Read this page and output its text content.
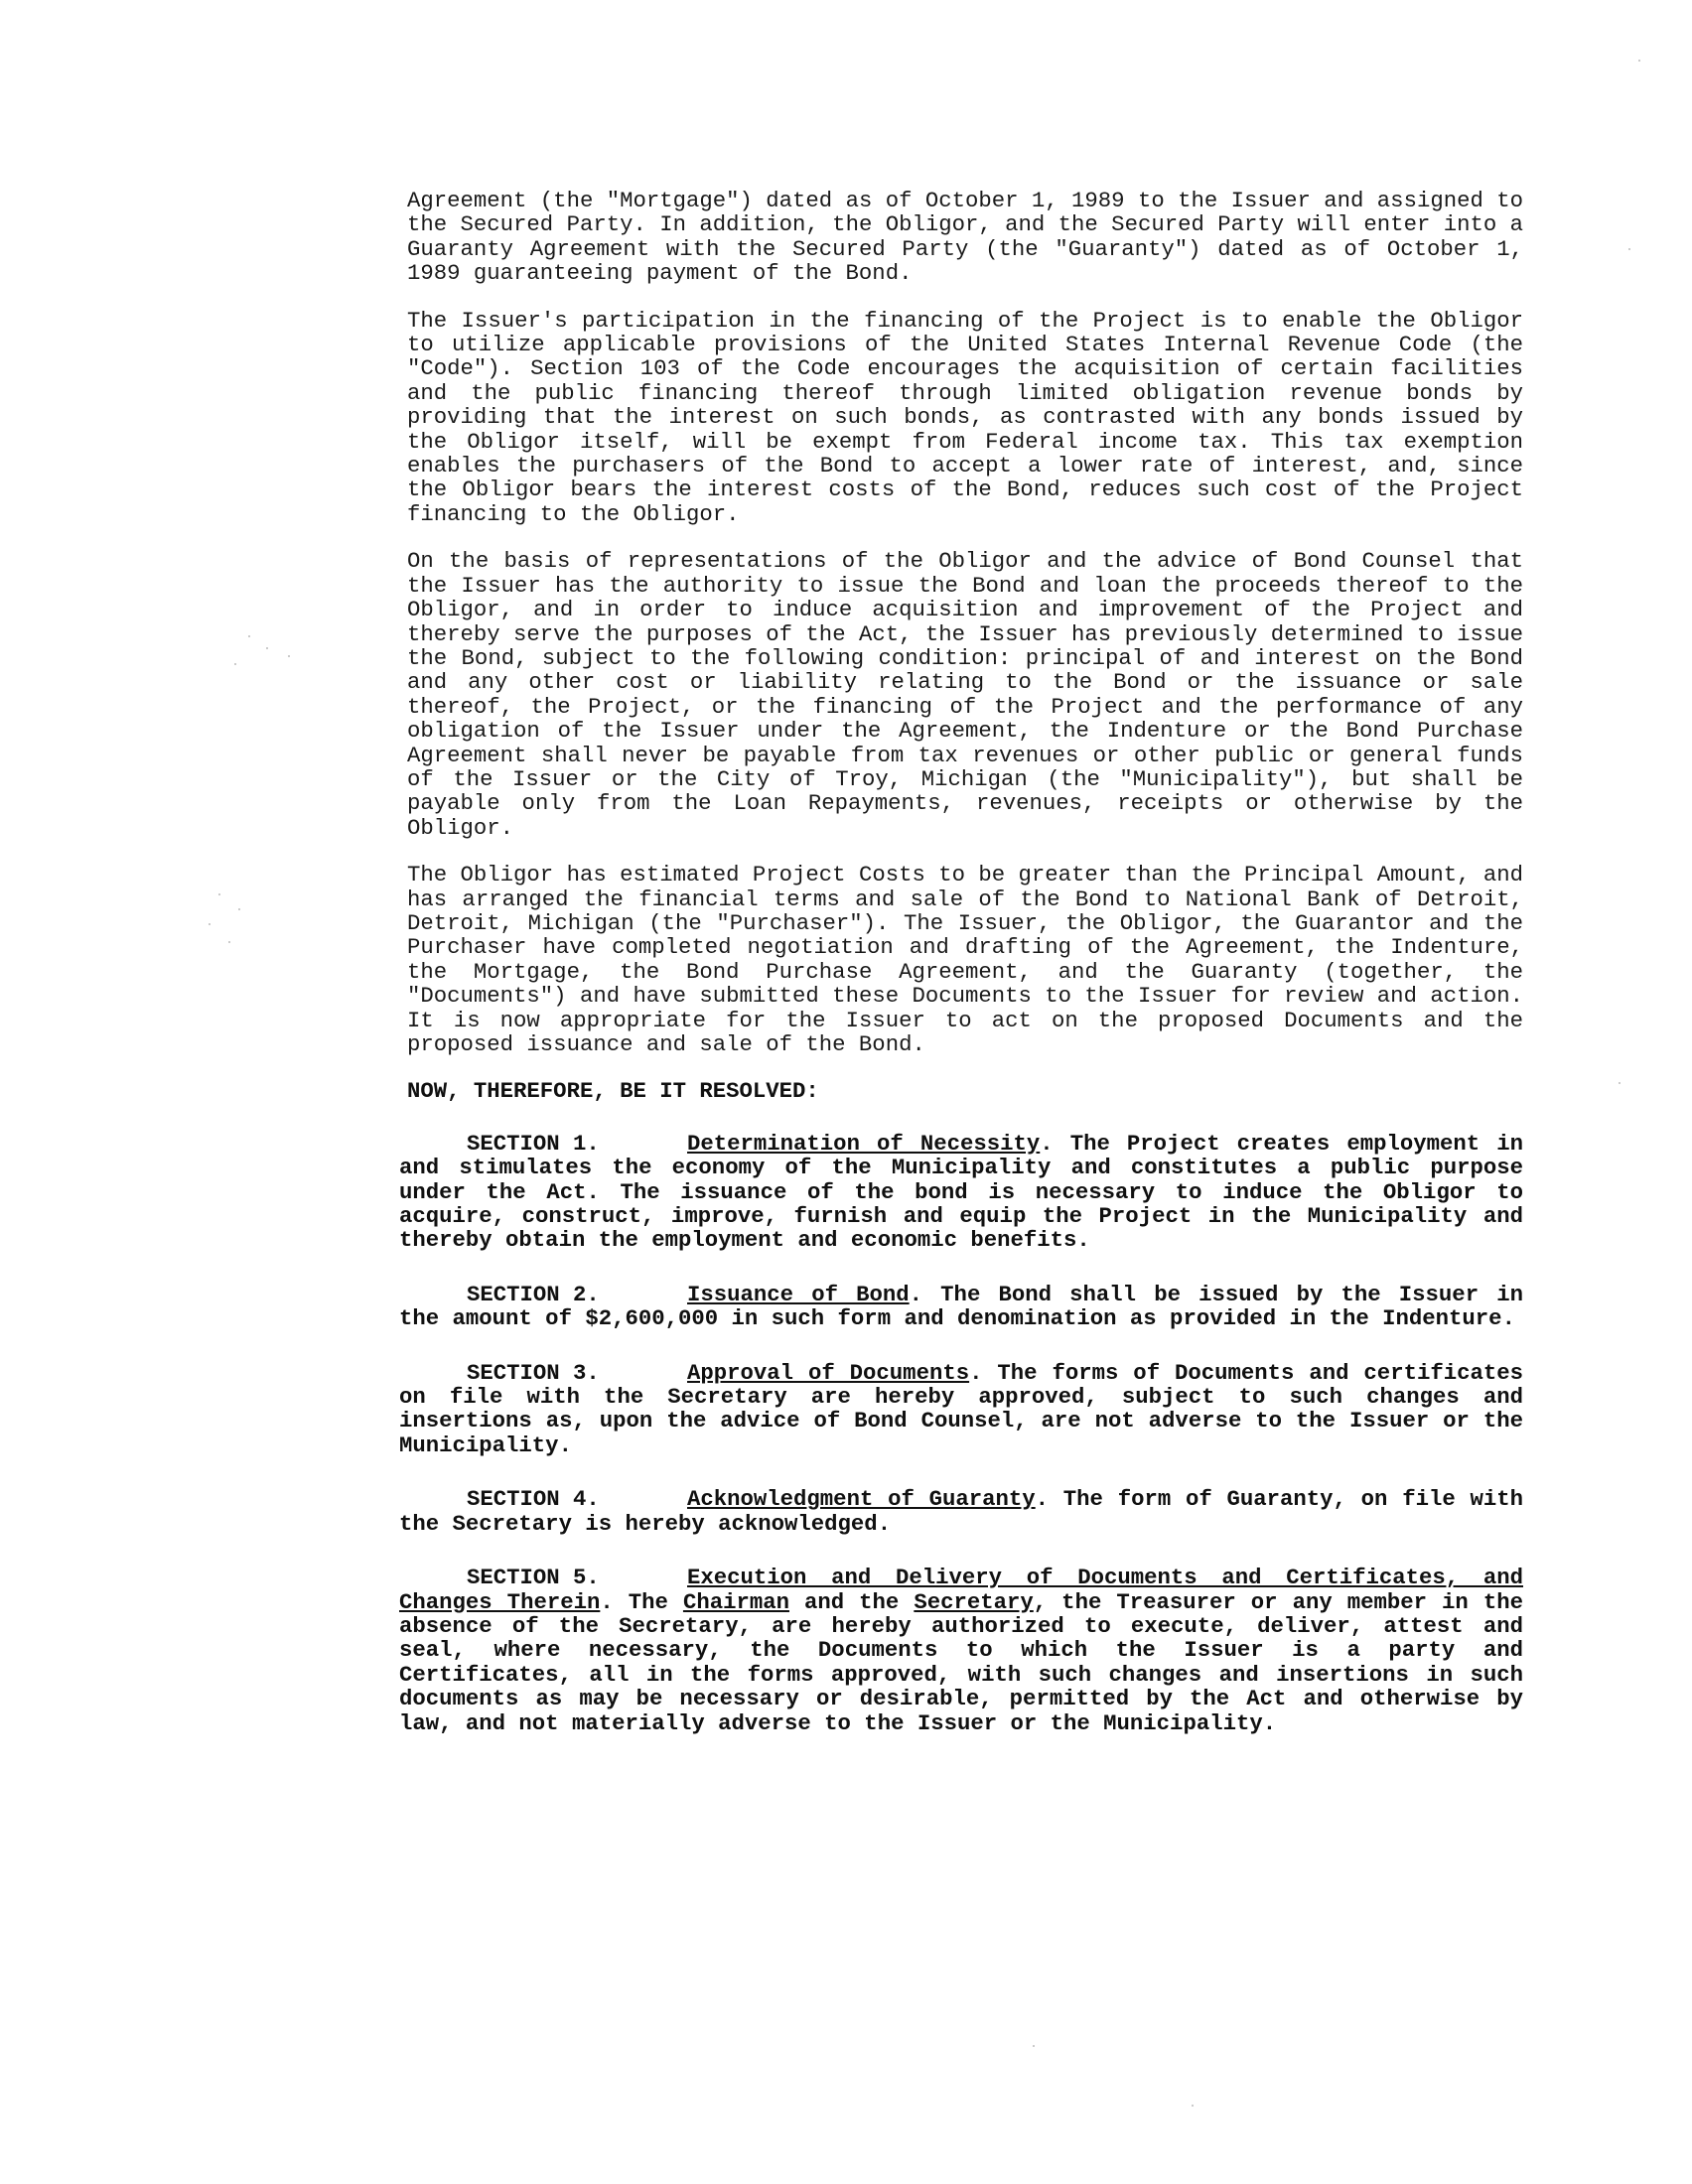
Agreement (the "Mortgage") dated as of October 1, 1989 to the Issuer and assigned to the Secured Party. In addition, the Obligor, and the Secured Party will enter into a Guaranty Agreement with the Secured Party (the "Guaranty") dated as of October 1, 1989 guaranteeing payment of the Bond.

The Issuer's participation in the financing of the Project is to enable the Obligor to utilize applicable provisions of the United States Internal Revenue Code (the "Code"). Section 103 of the Code encourages the acquisition of certain facilities and the public financing thereof through limited obligation revenue bonds by providing that the interest on such bonds, as contrasted with any bonds issued by the Obligor itself, will be exempt from Federal income tax. This tax exemption enables the purchasers of the Bond to accept a lower rate of interest, and, since the Obligor bears the interest costs of the Bond, reduces such cost of the Project financing to the Obligor.

On the basis of representations of the Obligor and the advice of Bond Counsel that the Issuer has the authority to issue the Bond and loan the proceeds thereof to the Obligor, and in order to induce acquisition and improvement of the Project and thereby serve the purposes of the Act, the Issuer has previously determined to issue the Bond, subject to the following condition: principal of and interest on the Bond and any other cost or liability relating to the Bond or the issuance or sale thereof, the Project, or the financing of the Project and the performance of any obligation of the Issuer under the Agreement, the Indenture or the Bond Purchase Agreement shall never be payable from tax revenues or other public or general funds of the Issuer or the City of Troy, Michigan (the "Municipality"), but shall be payable only from the Loan Repayments, revenues, receipts or otherwise by the Obligor.

The Obligor has estimated Project Costs to be greater than the Principal Amount, and has arranged the financial terms and sale of the Bond to National Bank of Detroit, Detroit, Michigan (the "Purchaser"). The Issuer, the Obligor, the Guarantor and the Purchaser have completed negotiation and drafting of the Agreement, the Indenture, the Mortgage, the Bond Purchase Agreement, and the Guaranty (together, the "Documents") and have submitted these Documents to the Issuer for review and action. It is now appropriate for the Issuer to act on the proposed Documents and the proposed issuance and sale of the Bond.

NOW, THEREFORE, BE IT RESOLVED:

SECTION 1.	Determination of Necessity. The Project creates employment in and stimulates the economy of the Municipality and constitutes a public purpose under the Act. The issuance of the bond is necessary to induce the Obligor to acquire, construct, improve, furnish and equip the Project in the Municipality and thereby obtain the employment and economic benefits.

SECTION 2.	Issuance of Bond. The Bond shall be issued by the Issuer in the amount of $2,600,000 in such form and denomination as provided in the Indenture.

SECTION 3.	Approval of Documents. The forms of Documents and certificates on file with the Secretary are hereby approved, subject to such changes and insertions as, upon the advice of Bond Counsel, are not adverse to the Issuer or the Municipality.

SECTION 4.	Acknowledgment of Guaranty. The form of Guaranty, on file with the Secretary is hereby acknowledged.

SECTION 5.	Execution and Delivery of Documents and Certificates, and Changes Therein. The Chairman and the Secretary, the Treasurer or any member in the absence of the Secretary, are hereby authorized to execute, deliver, attest and seal, where necessary, the Documents to which the Issuer is a party and Certificates, all in the forms approved, with such changes and insertions in such documents as may be necessary or desirable, permitted by the Act and otherwise by law, and not materially adverse to the Issuer or the Municipality.
